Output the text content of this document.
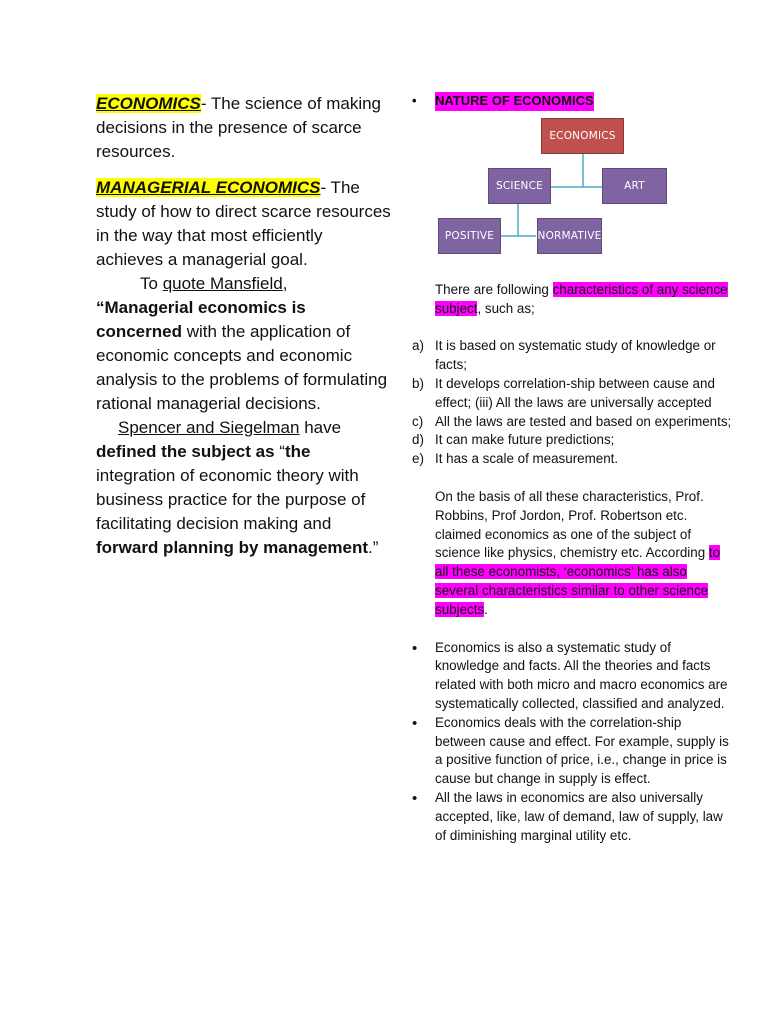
ECONOMICS- The science of making decisions in the presence of scarce resources.

MANAGERIAL ECONOMICS- The study of how to direct scarce resources in the way that most efficiently achieves a managerial goal.

To quote Mansfield,

“Managerial economics is concerned with the application of economic concepts and economic analysis to the problems of formulating rational managerial decisions.

Spencer and Siegelman have defined the subject as “the integration of economic theory with business practice for the purpose of facilitating decision making and forward planning by management.”

•	NATURE OF ECONOMICS

There are following characteristics of any science subject, such as;

a) It is based on systematic study of knowledge or facts;
b) It develops correlation-ship between cause and effect; (iii) All the laws are universally accepted
c) All the laws are tested and based on experiments;
d) It can make future predictions;
e) It has a scale of measurement.

On the basis of all these characteristics, Prof. Robbins, Prof Jordon, Prof. Robertson etc. claimed economics as one of the subject of science like physics, chemistry etc. According to all these economists, ‘economics’ has also several characteristics similar to other science subjects.

•	Economics is also a systematic study of knowledge and facts. All the theories and facts related with both micro and macro economics are systematically collected, classified and analyzed.
•	Economics deals with the correlation-ship between cause and effect. For example, supply is a positive function of price, i.e., change in price is cause but change in supply is effect.
•	All the laws in economics are also universally accepted, like, law of demand, law of supply, law of diminishing marginal utility etc.
ECONOMICS
SCIENCE	ART
POSITIVE	NORMATIVE
